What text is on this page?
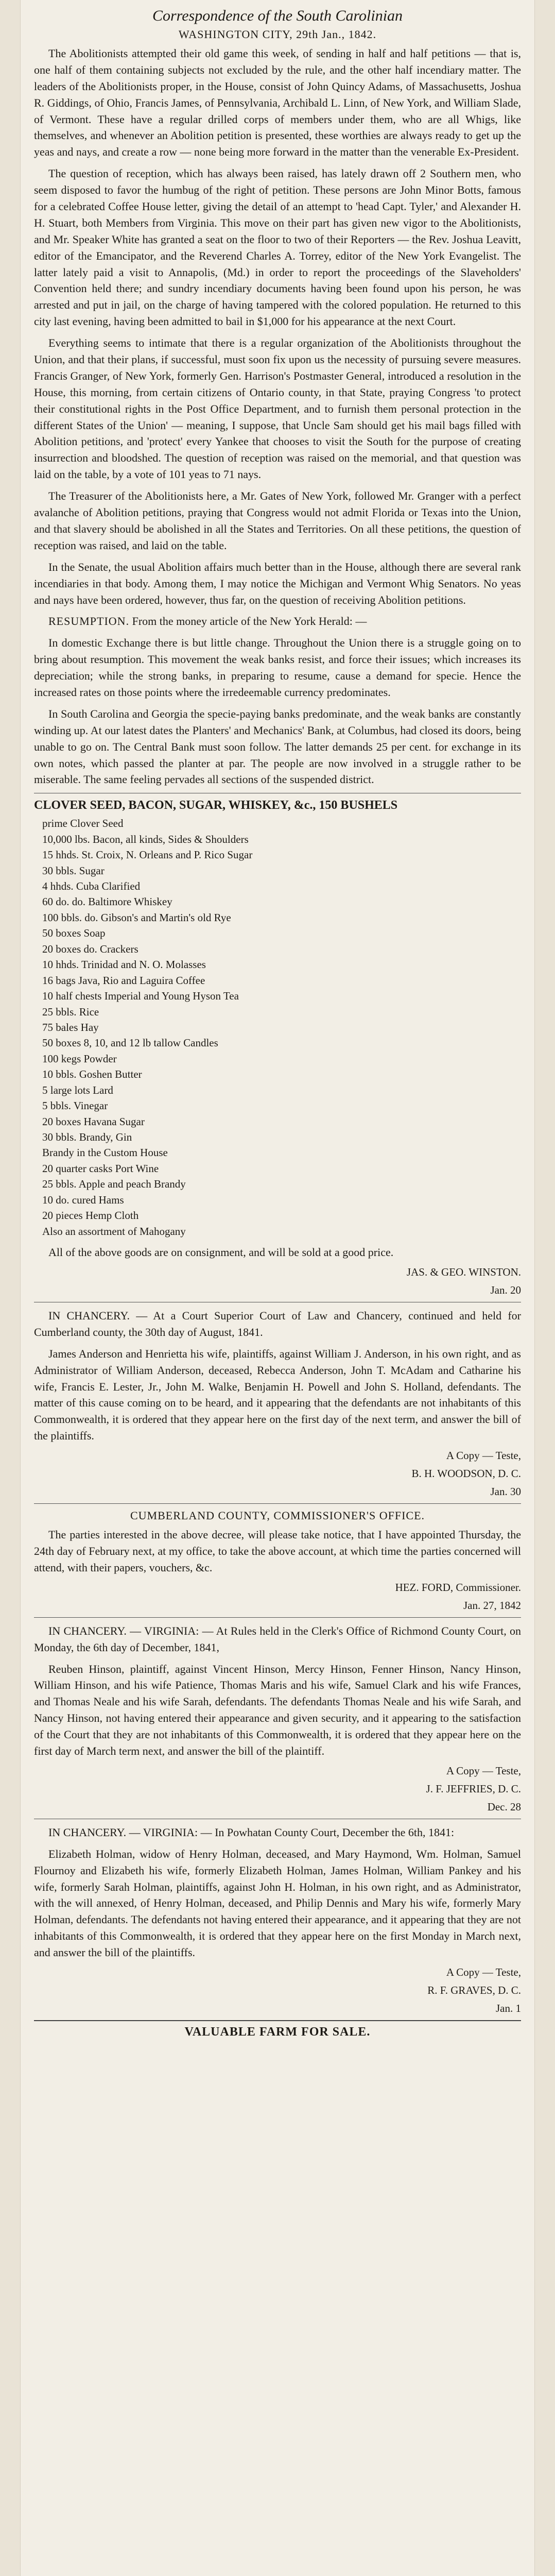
Correspondence of the South Carolinian
WASHINGTON CITY, 29th Jan., 1842.

The Abolitionists attempted their old game this week, of sending in half and half petitions — that is, one half of them containing subjects not excluded by the rule, and the other half incendiary matter. The leaders of the Abolitionists proper, in the House, consist of John Quincy Adams, of Massachusetts, Joshua R. Giddings, of Ohio, Francis James, of Pennsylvania, Archibald L. Linn, of New York, and William Slade, of Vermont. These have a regular drilled corps of members under them, who are all Whigs, like themselves, and whenever an Abolition petition is presented, these worthies are always ready to get up the yeas and nays, and create a row — none being more forward in the matter than the venerable Ex-President.

The question of reception, which has always been raised, has lately drawn off 2 Southern men, who seem disposed to favor the humbug of the right of petition. These persons are John Minor Botts, famous for a celebrated Coffee House letter, giving the detail of an attempt to 'head Capt. Tyler,' and Alexander H. H. Stuart, both Members from Virginia. This move on their part has given new vigor to the Abolitionists, and Mr. Speaker White has granted a seat on the floor to two of their Reporters — the Rev. Joshua Leavitt, editor of the Emancipator, and the Reverend Charles A. Torrey, editor of the New York Evangelist. The latter lately paid a visit to Annapolis, (Md.) in order to report the proceedings of the Slaveholders' Convention held there; and sundry incendiary documents having been found upon his person, he was arrested and put in jail, on the charge of having tampered with the colored population. He returned to this city last evening, having been admitted to bail in $1,000 for his appearance at the next Court.

Everything seems to intimate that there is a regular organization of the Abolitionists throughout the Union, and that their plans, if successful, must soon fix upon us the necessity of pursuing severe measures. Francis Granger, of New York, formerly Gen. Harrison's Postmaster General, introduced a resolution in the House, this morning, from certain citizens of Ontario county, in that State, praying Congress 'to protect their constitutional rights in the Post Office Department, and to furnish them personal protection in the different States of the Union' — meaning, I suppose, that Uncle Sam should get his mail bags filled with Abolition petitions, and 'protect' every Yankee that chooses to visit the South for the purpose of creating insurrection and bloodshed. The question of reception was raised on the memorial, and that question was laid on the table, by a vote of 101 yeas to 71 nays.

The Treasurer of the Abolitionists here, a Mr. Gates of New York, followed Mr. Granger with a perfect avalanche of Abolition petitions, praying that Congress would not admit Florida or Texas into the Union, and that slavery should be abolished in all the States and Territories. On all these petitions, the question of reception was raised, and laid on the table.

In the Senate, the usual Abolition affairs much better than in the House, although there are several rank incendiaries in that body. Among them, I may notice the Michigan and Vermont Whig Senators. No yeas and nays have been ordered, however, thus far, on the question of receiving Abolition petitions.

RESUMPTION. From the money article of the New York Herald: —

In domestic Exchange there is but little change. Throughout the Union there is a struggle going on to bring about resumption. This movement the weak banks resist, and force their issues; which increases its depreciation; while the strong banks, in preparing to resume, cause a demand for specie. Hence the increased rates on those points where the irredeemable currency predominates.

In South Carolina and Georgia the specie-paying banks predominate, and the weak banks are constantly winding up. At our latest dates the Planters' and Mechanics' Bank, at Columbus, had closed its doors, being unable to go on. The Central Bank must soon follow. The latter demands 25 per cent. for exchange in its own notes, which passed the planter at par. The people are now involved in a struggle rather to be miserable. The same feeling pervades all sections of the suspended district.

CLOVER SEED, BACON, SUGAR, WHISKEY, &c., 150 BUSHELS
prime Clover Seed
10,000 lbs. Bacon, all kinds, Sides & Shoulders
15 hhds. St. Croix, N. Orleans and P. Rico Sugar
30 bbls. Sugar
4 hhds. Cuba Clarified
60 do. do. Baltimore Whiskey
100 bbls. do. Gibson's and Martin's old Rye
50 boxes Soap
20 boxes do. Crackers
10 hhds. Trinidad and N. O. Molasses
16 bags Java, Rio and Laguira Coffee
10 half chests Imperial and Young Hyson Tea
25 bbls. Rice
75 bales Hay
50 boxes 8, 10, and 12 lb tallow Candles
100 kegs Powder
10 bbls. Goshen Butter
5 large lots Lard
5 bbls. Vinegar
20 boxes Havana Sugar
30 bbls. Brandy, Gin
Brandy in the Custom House
20 quarter casks Port Wine
25 bbls. Apple and peach Brandy
10 do. cured Hams
20 pieces Hemp Cloth
Also an assortment of Mahogany

All of the above goods are on consignment, and will be sold at a good price.

JAS. & GEO. WINSTON.
Jan. 20

IN CHANCERY. — At a Court Superior Court of Law and Chancery, continued and held for Cumberland county, the 30th day of August, 1841.

James Anderson and Henrietta his wife, plaintiffs, against William J. Anderson, in his own right, and as Administrator of William Anderson, deceased, Rebecca Anderson, John T. McAdam and Catharine his wife, Francis E. Lester, Jr., John M. Walke, Benjamin H. Powell and John S. Holland, defendants. The matter of this cause coming on to be heard, and it appearing that the defendants are not inhabitants of this Commonwealth, it is ordered that they appear here on the first day of the next term, and answer the bill of the plaintiffs.

A Copy — Teste,
B. H. WOODSON, D. C.
Jan. 30
CUMBERLAND COUNTY, COMMISSIONER'S OFFICE.

The parties interested in the above decree, will please take notice, that I have appointed Thursday, the 24th day of February next, at my office, to take the above account, at which time the parties concerned will attend, with their papers, vouchers, &c.

HEZ. FORD, Commissioner.
Jan. 27, 1842

IN CHANCERY. — VIRGINIA: — At Rules held in the Clerk's Office of Richmond County Court, on Monday, the 6th day of December, 1841,

Reuben Hinson, plaintiff, against Vincent Hinson, Mercy Hinson, Fenner Hinson, Nancy Hinson, William Hinson, and his wife Patience, Thomas Maris and his wife, Samuel Clark and his wife Frances, and Thomas Neale and his wife Sarah, defendants. The defendants Thomas Neale and his wife Sarah, and Nancy Hinson, not having entered their appearance and given security, and it appearing to the satisfaction of the Court that they are not inhabitants of this Commonwealth, it is ordered that they appear here on the first day of March term next, and answer the bill of the plaintiff.

A Copy — Teste,
J. F. JEFFRIES, D. C.
Dec. 28

IN CHANCERY. — VIRGINIA: — In Powhatan County Court, December the 6th, 1841:

Elizabeth Holman, widow of Henry Holman, deceased, and Mary Haymond, Wm. Holman, Samuel Flournoy and Elizabeth his wife, formerly Elizabeth Holman, James Holman, William Pankey and his wife, formerly Sarah Holman, plaintiffs, against John H. Holman, in his own right, and as Administrator, with the will annexed, of Henry Holman, deceased, and Philip Dennis and Mary his wife, formerly Mary Holman, defendants. The defendants not having entered their appearance, and it appearing that they are not inhabitants of this Commonwealth, it is ordered that they appear here on the first Monday in March next, and answer the bill of the plaintiffs.

A Copy — Teste,
R. F. GRAVES, D. C.
Jan. 1
VALUABLE FARM FOR SALE.
